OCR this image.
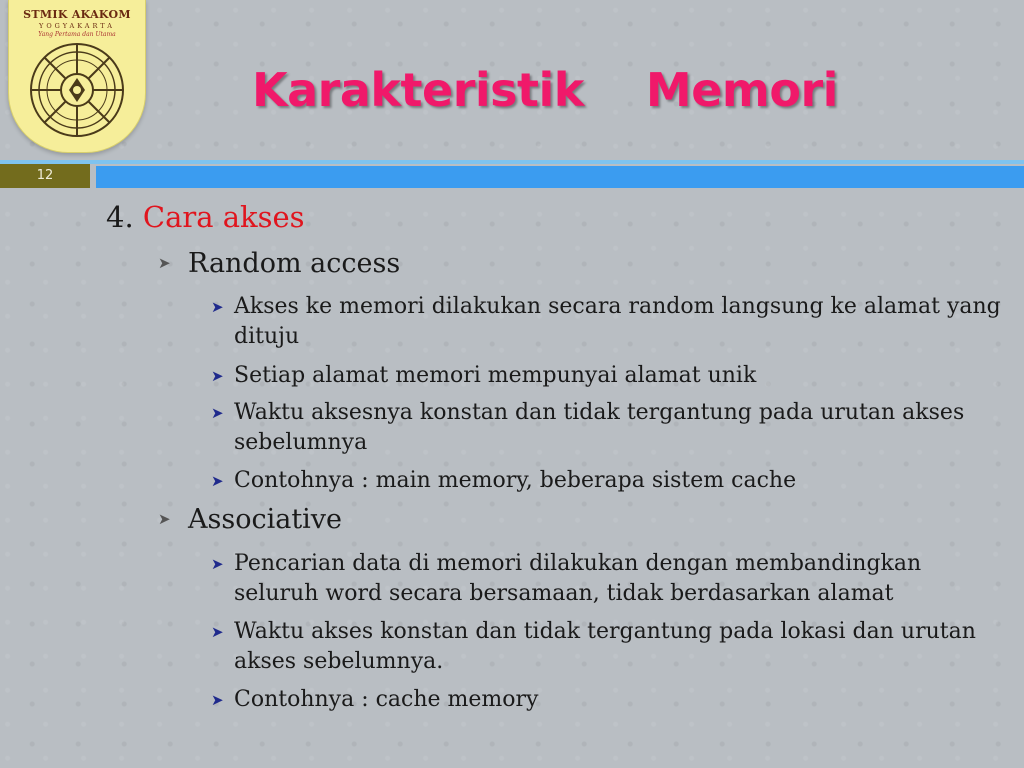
STMIK AKAKOM
YOGYAKARTA
Yang Pertama dan Utama
Karakteristik    Memori
12
4. Cara akses
➤ Random access
➤ Akses ke memori dilakukan secara random langsung ke alamat yang dituju
➤ Setiap alamat memori mempunyai alamat unik
➤ Waktu aksesnya konstan dan tidak tergantung pada urutan akses sebelumnya
➤ Contohnya : main memory, beberapa sistem cache
➤ Associative
➤ Pencarian data di memori dilakukan dengan membandingkan seluruh word secara bersamaan, tidak berdasarkan alamat
➤ Waktu akses konstan dan tidak tergantung pada lokasi dan urutan akses sebelumnya.
➤ Contohnya : cache memory
